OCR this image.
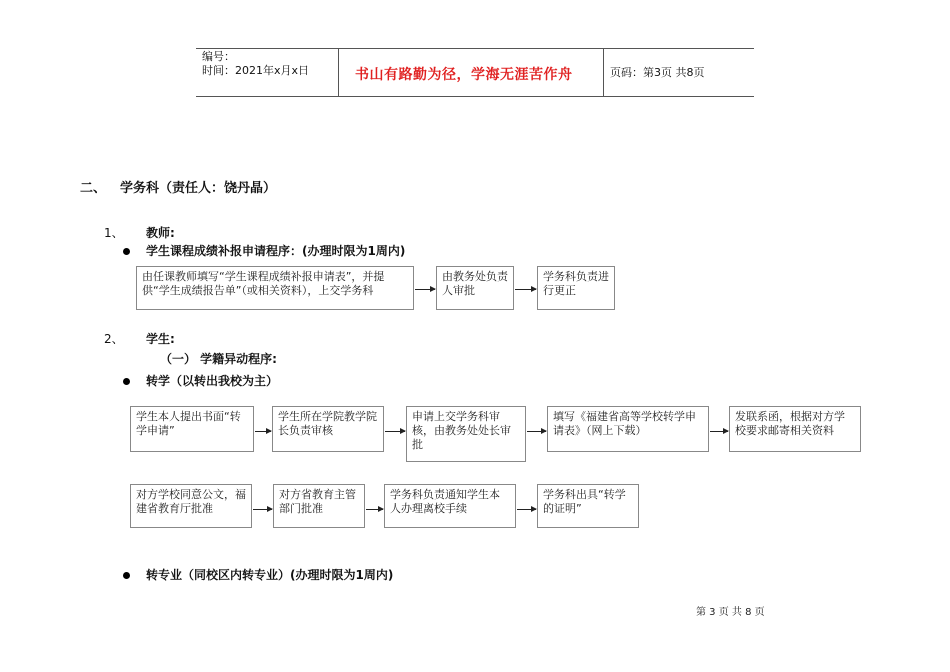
编号：
时间：2021年x月x日	书山有路勤为径，学海无涯苦作舟	页码：第3页 共8页
二、 学务科（责任人：饶丹晶）
1、 教师:
学生课程成绩补报申请程序：(办理时限为1周内)
由任课教师填写“学生课程成绩补报申请表”，并提供“学生成绩报告单”（或相关资料），上交学务科
由教务处负责人审批
学务科负责进行更正
2、 学生:
（一） 学籍异动程序:
转学（以转出我校为主）
学生本人提出书面“转学申请”
学生所在学院教学院长负责审核
申请上交学务科审核，由教务处处长审批
填写《福建省高等学校转学申请表》（网上下载）
发联系函，根据对方学校要求邮寄相关资料
对方学校同意公文，福建省教育厅批准
对方省教育主管部门批准
学务科负责通知学生本人办理离校手续
学务科出具“转学的证明”
转专业（同校区内转专业）(办理时限为1周内)
第 3 页 共 8 页
